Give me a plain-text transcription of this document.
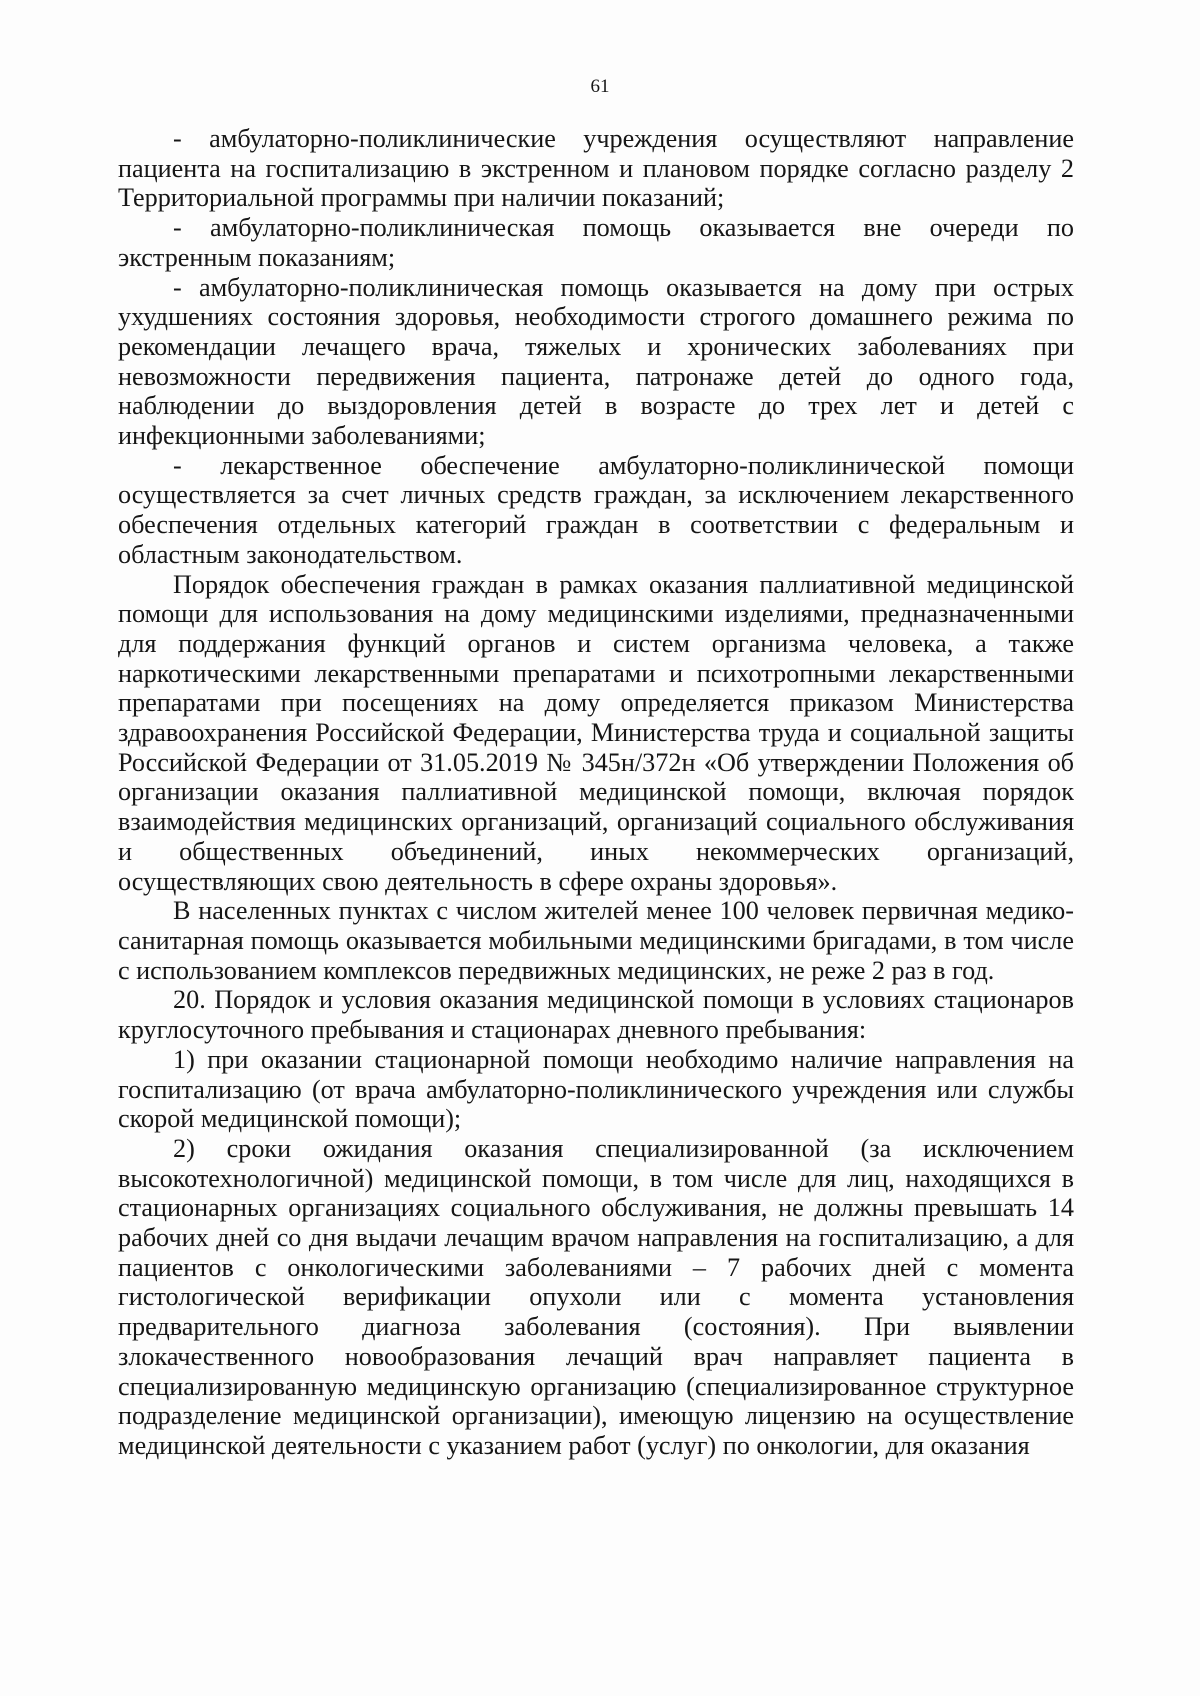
61

- амбулаторно-поликлинические учреждения осуществляют направление пациента на госпитализацию в экстренном и плановом порядке согласно разделу 2 Территориальной программы при наличии показаний;

- амбулаторно-поликлиническая помощь оказывается вне очереди по экстренным показаниям;

- амбулаторно-поликлиническая помощь оказывается на дому при острых ухудшениях состояния здоровья, необходимости строгого домашнего режима по рекомендации лечащего врача, тяжелых и хронических заболеваниях при невозможности передвижения пациента, патронаже детей до одного года, наблюдении до выздоровления детей в возрасте до трех лет и детей с инфекционными заболеваниями;

- лекарственное обеспечение амбулаторно-поликлинической помощи осуществляется за счет личных средств граждан, за исключением лекарственного обеспечения отдельных категорий граждан в соответствии с федеральным и областным законодательством.

Порядок обеспечения граждан в рамках оказания паллиативной медицинской помощи для использования на дому медицинскими изделиями, предназначенными для поддержания функций органов и систем организма человека, а также наркотическими лекарственными препаратами и психотропными лекарственными препаратами при посещениях на дому определяется приказом Министерства здравоохранения Российской Федерации, Министерства труда и социальной защиты Российской Федерации от 31.05.2019 № 345н/372н «Об утверждении Положения об организации оказания паллиативной медицинской помощи, включая порядок взаимодействия медицинских организаций, организаций социального обслуживания и общественных объединений, иных некоммерческих организаций, осуществляющих свою деятельность в сфере охраны здоровья».

В населенных пунктах с числом жителей менее 100 человек первичная медико-санитарная помощь оказывается мобильными медицинскими бригадами, в том числе с использованием комплексов передвижных медицинских, не реже 2 раз в год.

20. Порядок и условия оказания медицинской помощи в условиях стационаров круглосуточного пребывания и стационарах дневного пребывания:

1) при оказании стационарной помощи необходимо наличие направления на госпитализацию (от врача амбулаторно-поликлинического учреждения или службы скорой медицинской помощи);

2) сроки ожидания оказания специализированной (за исключением высокотехнологичной) медицинской помощи, в том числе для лиц, находящихся в стационарных организациях социального обслуживания, не должны превышать 14 рабочих дней со дня выдачи лечащим врачом направления на госпитализацию, а для пациентов с онкологическими заболеваниями – 7 рабочих дней с момента гистологической верификации опухоли или с момента установления предварительного диагноза заболевания (состояния). При выявлении злокачественного новообразования лечащий врач направляет пациента в специализированную медицинскую организацию (специализированное структурное подразделение медицинской организации), имеющую лицензию на осуществление медицинской деятельности с указанием работ (услуг) по онкологии, для оказания
